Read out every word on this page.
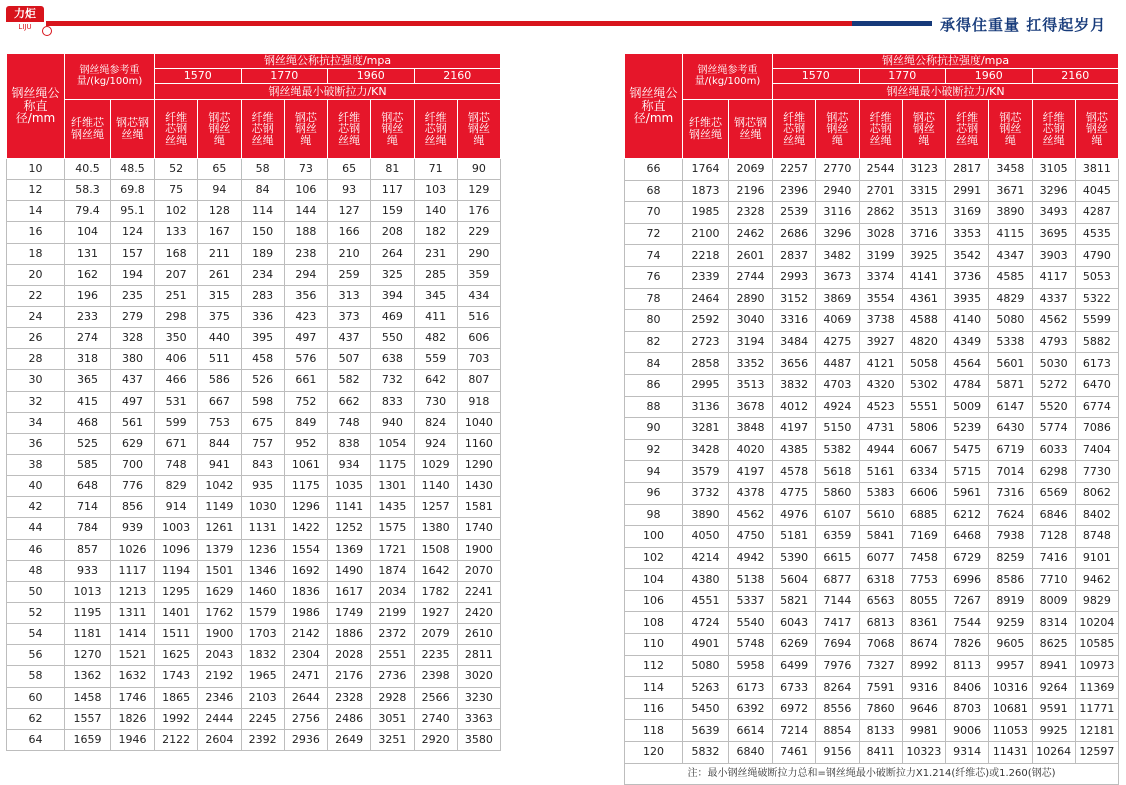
力炬
LIJU	承得住重量 扛得起岁月
钢丝绳公称直径/mm	钢丝绳参考重量/(kg/100m)		钢丝绳公称抗拉强度/mpa							
			1570		1770		1960		2160	
			钢丝绳最小破断拉力/KN							
	纤维芯钢丝绳	钢芯钢丝绳	纤维芯钢丝绳	钢芯钢丝绳	纤维芯钢丝绳	钢芯钢丝绳	纤维芯钢丝绳	钢芯钢丝绳	纤维芯钢丝绳	钢芯钢丝绳
10	40.5	48.5	52	65	58	73	65	81	71	90
12	58.3	69.8	75	94	84	106	93	117	103	129
14	79.4	95.1	102	128	114	144	127	159	140	176
16	104	124	133	167	150	188	166	208	182	229
18	131	157	168	211	189	238	210	264	231	290
20	162	194	207	261	234	294	259	325	285	359
22	196	235	251	315	283	356	313	394	345	434
24	233	279	298	375	336	423	373	469	411	516
26	274	328	350	440	395	497	437	550	482	606
28	318	380	406	511	458	576	507	638	559	703
30	365	437	466	586	526	661	582	732	642	807
32	415	497	531	667	598	752	662	833	730	918
34	468	561	599	753	675	849	748	940	824	1040
36	525	629	671	844	757	952	838	1054	924	1160
38	585	700	748	941	843	1061	934	1175	1029	1290
40	648	776	829	1042	935	1175	1035	1301	1140	1430
42	714	856	914	1149	1030	1296	1141	1435	1257	1581
44	784	939	1003	1261	1131	1422	1252	1575	1380	1740
46	857	1026	1096	1379	1236	1554	1369	1721	1508	1900
48	933	1117	1194	1501	1346	1692	1490	1874	1642	2070
50	1013	1213	1295	1629	1460	1836	1617	2034	1782	2241
52	1195	1311	1401	1762	1579	1986	1749	2199	1927	2420
54	1181	1414	1511	1900	1703	2142	1886	2372	2079	2610
56	1270	1521	1625	2043	1832	2304	2028	2551	2235	2811
58	1362	1632	1743	2192	1965	2471	2176	2736	2398	3020
60	1458	1746	1865	2346	2103	2644	2328	2928	2566	3230
62	1557	1826	1992	2444	2245	2756	2486	3051	2740	3363
64	1659	1946	2122	2604	2392	2936	2649	3251	2920	3580
钢丝绳公称直径/mm	钢丝绳参考重量/(kg/100m)		钢丝绳公称抗拉强度/mpa							
			1570		1770		1960		2160	
			钢丝绳最小破断拉力/KN							
	纤维芯钢丝绳	钢芯钢丝绳	纤维芯钢丝绳	钢芯钢丝绳	纤维芯钢丝绳	钢芯钢丝绳	纤维芯钢丝绳	钢芯钢丝绳	纤维芯钢丝绳	钢芯钢丝绳
66	1764	2069	2257	2770	2544	3123	2817	3458	3105	3811
68	1873	2196	2396	2940	2701	3315	2991	3671	3296	4045
70	1985	2328	2539	3116	2862	3513	3169	3890	3493	4287
72	2100	2462	2686	3296	3028	3716	3353	4115	3695	4535
74	2218	2601	2837	3482	3199	3925	3542	4347	3903	4790
76	2339	2744	2993	3673	3374	4141	3736	4585	4117	5053
78	2464	2890	3152	3869	3554	4361	3935	4829	4337	5322
80	2592	3040	3316	4069	3738	4588	4140	5080	4562	5599
82	2723	3194	3484	4275	3927	4820	4349	5338	4793	5882
84	2858	3352	3656	4487	4121	5058	4564	5601	5030	6173
86	2995	3513	3832	4703	4320	5302	4784	5871	5272	6470
88	3136	3678	4012	4924	4523	5551	5009	6147	5520	6774
90	3281	3848	4197	5150	4731	5806	5239	6430	5774	7086
92	3428	4020	4385	5382	4944	6067	5475	6719	6033	7404
94	3579	4197	4578	5618	5161	6334	5715	7014	6298	7730
96	3732	4378	4775	5860	5383	6606	5961	7316	6569	8062
98	3890	4562	4976	6107	5610	6885	6212	7624	6846	8402
100	4050	4750	5181	6359	5841	7169	6468	7938	7128	8748
102	4214	4942	5390	6615	6077	7458	6729	8259	7416	9101
104	4380	5138	5604	6877	6318	7753	6996	8586	7710	9462
106	4551	5337	5821	7144	6563	8055	7267	8919	8009	9829
108	4724	5540	6043	7417	6813	8361	7544	9259	8314	10204
110	4901	5748	6269	7694	7068	8674	7826	9605	8625	10585
112	5080	5958	6499	7976	7327	8992	8113	9957	8941	10973
114	5263	6173	6733	8264	7591	9316	8406	10316	9264	11369
116	5450	6392	6972	8556	7860	9646	8703	10681	9591	11771
118	5639	6614	7214	8854	8133	9981	9006	11053	9925	12181
120	5832	6840	7461	9156	8411	10323	9314	11431	10264	12597
注：最小钢丝绳破断拉力总和=钢丝绳最小破断拉力X1.214(纤维芯)或1.260(钢芯)										
